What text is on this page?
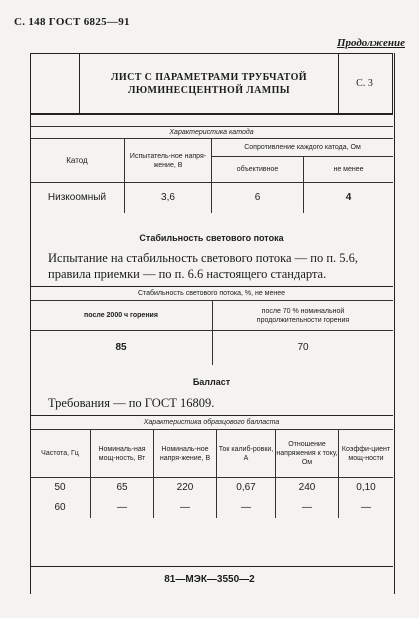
С. 148 ГОСТ 6825—91
Продолжение
ЛИСТ С ПАРАМЕТРАМИ ТРУБЧАТОЙ
ЛЮМИНЕСЦЕНТНОЙ ЛАМПЫ
С. 3
Характеристика катода			
Катод	Испытатель-ное напря-жение, В	Сопротивление каждого катода, Ом	
		объективное	не менее
Низкоомный	3,6	6	4
Стабильность светового потока
Испытание на стабильность светового потока — по п. 5.6, правила приемки — по п. 6.6 настоящего стандарта.
Стабильность светового потока, %, не менее	
после 2000 ч горения	после 70 % номинальной продолжительности горения
85	70
Балласт
Требования — по ГОСТ 16809.
Характеристика образцового балласта					
Частота, Гц	Номиналь-ная мощ-ность, Вт	Номиналь-ное напря-жение, В	Ток калиб-ровки, А	Отношение напряжения к току, Ом	Коэффи-циент мощ-ности
50	65	220	0,67	240	0,10
60	—	—	—	—	—
81—МЭК—3550—2
